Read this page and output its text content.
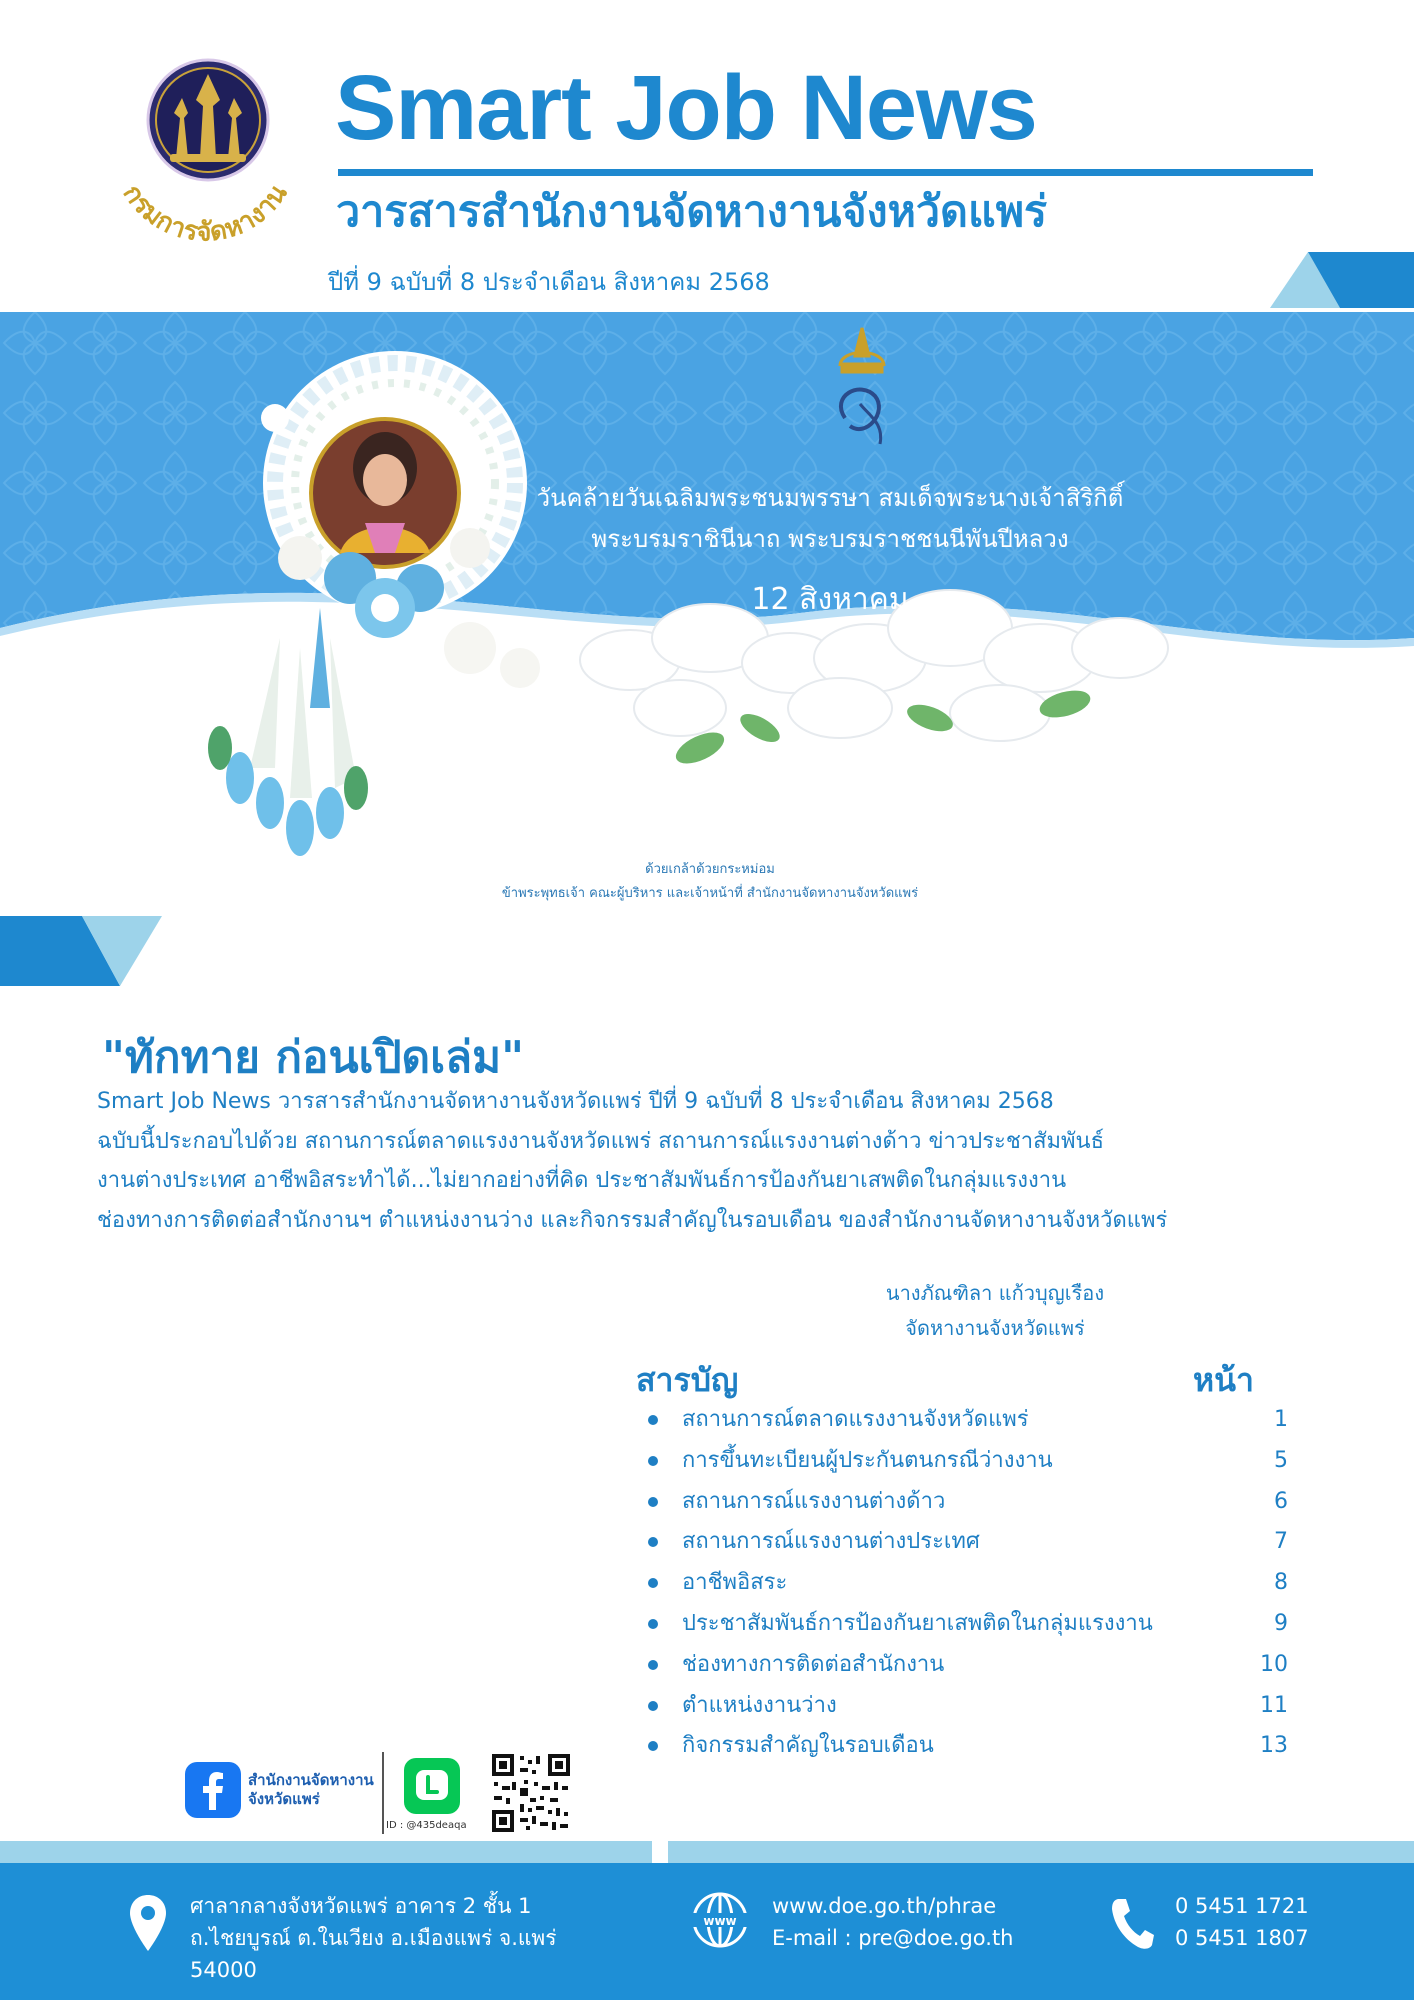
กรมการจัดหางาน
Smart Job News
วารสารสำนักงานจัดหางานจังหวัดแพร่
ปีที่ 9 ฉบับที่ 8 ประจำเดือน สิงหาคม 2568
วันคล้ายวันเฉลิมพระชนมพรรษา สมเด็จพระนางเจ้าสิริกิติ์
พระบรมราชินีนาถ พระบรมราชชนนีพันปีหลวง
12 สิงหาคม
ด้วยเกล้าด้วยกระหม่อม
ข้าพระพุทธเจ้า คณะผู้บริหาร และเจ้าหน้าที่ สำนักงานจัดหางานจังหวัดแพร่
"ทักทาย ก่อนเปิดเล่ม"

Smart Job News วารสารสำนักงานจัดหางานจังหวัดแพร่ ปีที่ 9 ฉบับที่ 8 ประจำเดือน สิงหาคม 2568

ฉบับนี้ประกอบไปด้วย สถานการณ์ตลาดแรงงานจังหวัดแพร่ สถานการณ์แรงงานต่างด้าว ข่าวประชาสัมพันธ์

งานต่างประเทศ อาชีพอิสระทำได้...ไม่ยากอย่างที่คิด ประชาสัมพันธ์การป้องกันยาเสพติดในกลุ่มแรงงาน

ช่องทางการติดต่อสำนักงานฯ ตำแหน่งงานว่าง และกิจกรรมสำคัญในรอบเดือน ของสำนักงานจัดหางานจังหวัดแพร่

นางภัณฑิลา แก้วบุญเรือง
จัดหางานจังหวัดแพร่
สารบัญ	หน้า
สถานการณ์ตลาดแรงงานจังหวัดแพร่	1
การขึ้นทะเบียนผู้ประกันตนกรณีว่างงาน	5
สถานการณ์แรงงานต่างด้าว	6
สถานการณ์แรงงานต่างประเทศ	7
อาชีพอิสระ	8
ประชาสัมพันธ์การป้องกันยาเสพติดในกลุ่มแรงงาน	9
ช่องทางการติดต่อสำนักงาน	10
ตำแหน่งงานว่าง	11
กิจกรรมสำคัญในรอบเดือน	13
สำนักงานจัดหางาน
จังหวัดแพร่
ID : @435deaqa
ศาลากลางจังหวัดแพร่ อาคาร 2 ชั้น 1
ถ.ไชยบูรณ์ ต.ในเวียง อ.เมืองแพร่ จ.แพร่
54000
www
www.doe.go.th/phrae
E-mail : pre@doe.go.th
0 5451 1721
0 5451 1807
